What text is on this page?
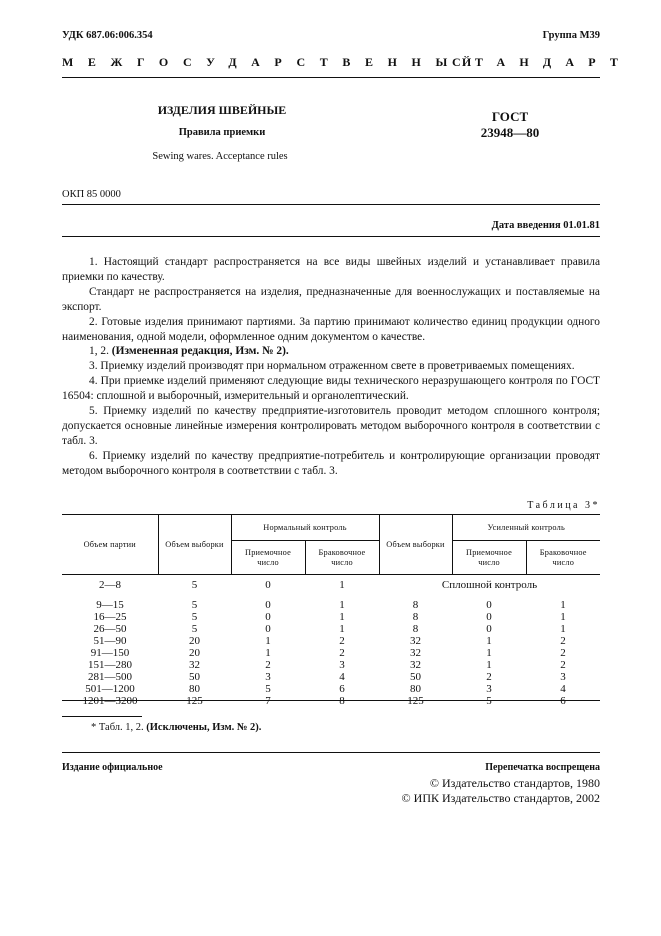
УДК 687.06:006.354	Группа М39
МЕЖГОСУДАРСТВЕННЫЙ
СТАНДАРТ
ИЗДЕЛИЯ ШВЕЙНЫЕ
Правила приемки
Sewing wares. Acceptance rules
ГОСТ
23948—80
ОКП 85 0000
Дата введения 01.01.81

1. Настоящий стандарт распространяется на все виды швейных изделий и устанавливает правила приемки по качеству.

Стандарт не распространяется на изделия, предназначенные для военнослужащих и поставляемые на экспорт.

2. Готовые изделия принимают партиями. За партию принимают количество единиц продукции одного наименования, одной модели, оформленное одним документом о качестве.

1, 2. (Измененная редакция, Изм. № 2).

3. Приемку изделий производят при нормальном отраженном свете в проветриваемых помещениях.

4. При приемке изделий применяют следующие виды технического неразрушающего контроля по ГОСТ 16504: сплошной и выборочный, измерительный и органолептический.

5. Приемку изделий по качеству предприятие-изготовитель проводит методом сплошного контроля; допускается основные линейные измерения контролировать методом выборочного контроля в соответствии с табл. 3.

6. Приемку изделий по качеству предприятие-потребитель и контролирующие организации проводят методом выборочного контроля в соответствии с табл. 3.

Таблица 3*
Объем партии	Объем выборки	Нормальный контроль		Объем выборки	Усиленный контроль	
		Приемочное число	Браковочное число		Приемочное число	Браковочное число
2—8	5	0	1	Сплошной контроль		

9—15	5	0	1	8	0	1
16—25	5	0	1	8	0	1
26—50	5	0	1	8	0	1
51—90	20	1	2	32	1	2
91—150	20	1	2	32	1	2
151—280	32	2	3	32	1	2
281—500	50	3	4	50	2	3
501—1200	80	5	6	80	3	4
1201—3200	125	7	8	125	5	6
* Табл. 1, 2. (Исключены, Изм. № 2).
Издание официальное	Перепечатка воспрещена
© Издательство стандартов, 1980
© ИПК Издательство стандартов, 2002
